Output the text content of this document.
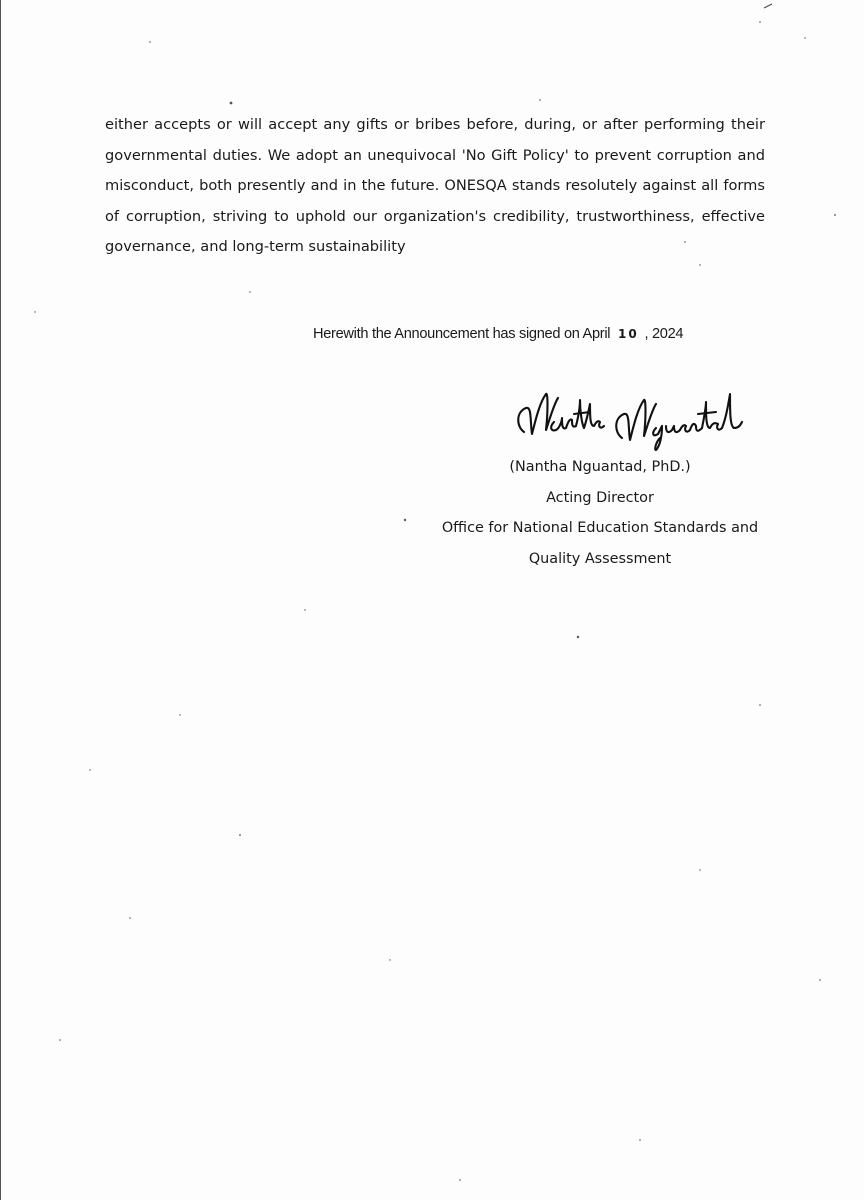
either accepts or will accept any gifts or bribes before, during, or after performing their governmental duties. We adopt an unequivocal 'No Gift Policy' to prevent corruption and misconduct, both presently and in the future. ONESQA stands resolutely against all forms of corruption, striving to uphold our organization's credibility, trustworthiness, effective governance, and long-term sustainability

Herewith the Announcement has signed on April 10 , 2024
(Nantha Nguantad, PhD.)
Acting Director
Office for National Education Standards and
Quality Assessment
